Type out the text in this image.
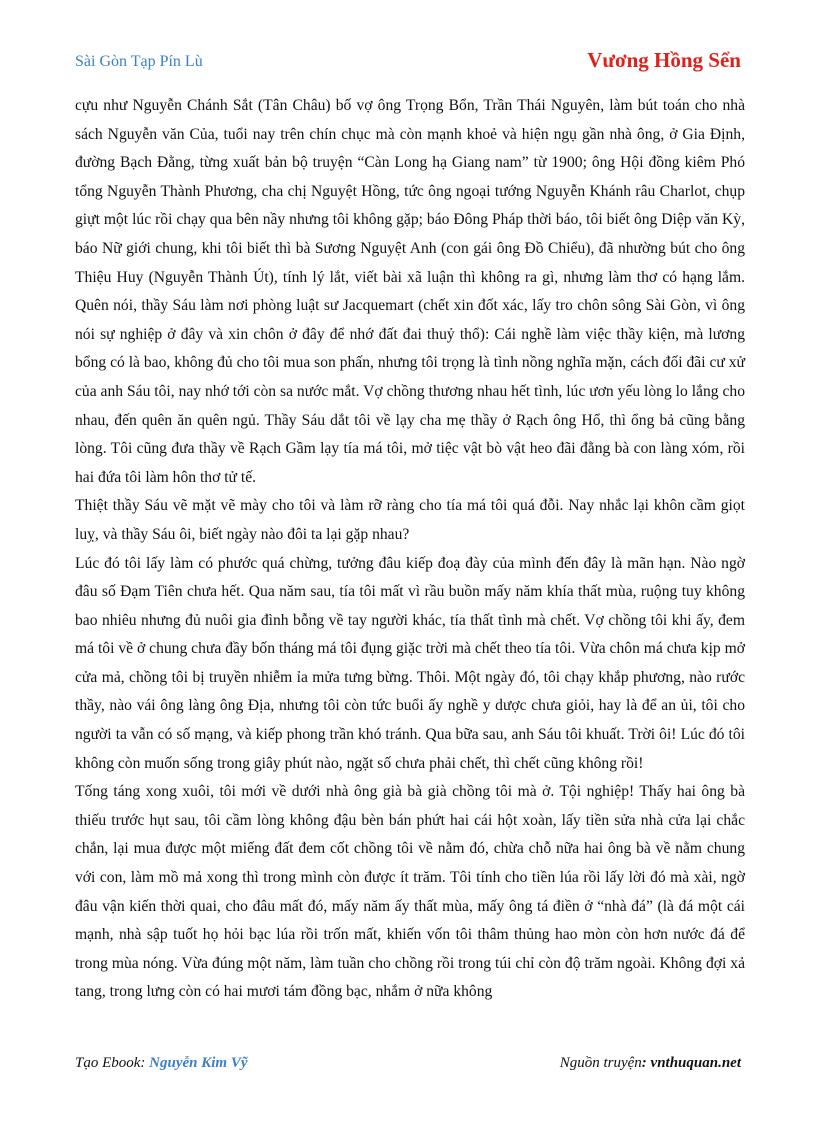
Sài Gòn Tạp Pín Lù	Vương Hồng Sển

cựu như Nguyễn Chánh Sắt (Tân Châu) bố vợ ông Trọng Bổn, Trần Thái Nguyên, làm bút toán cho nhà sách Nguyễn văn Của, tuổi nay trên chín chục mà còn mạnh khoẻ và hiện ngụ gần nhà ông, ở Gia Định, đường Bạch Đằng, từng xuất bản bộ truyện “Càn Long hạ Giang nam” từ 1900; ông Hội đồng kiêm Phó tổng Nguyễn Thành Phương, cha chị Nguyệt Hồng, tức ông ngoại tướng Nguyễn Khánh râu Charlot, chụp giựt một lúc rồi chạy qua bên nầy nhưng tôi không gặp; báo Đông Pháp thời báo, tôi biết ông Diệp văn Kỳ, báo Nữ giới chung, khi tôi biết thì bà Sương Nguyệt Anh (con gái ông Đồ Chiểu), đã nhường bút cho ông Thiệu Huy (Nguyễn Thành Út), tính lý lắt, viết bài xã luận thì không ra gì, nhưng làm thơ có hạng lắm. Quên nói, thầy Sáu làm nơi phòng luật sư Jacquemart (chết xin đốt xác, lấy tro chôn sông Sài Gòn, vì ông nói sự nghiệp ở đây và xin chôn ở đây để nhớ đất đai thuỷ thổ): Cái nghề làm việc thầy kiện, mà lương bổng có là bao, không đủ cho tôi mua son phấn, nhưng tôi trọng là tình nồng nghĩa mặn, cách đối đãi cư xử của anh Sáu tôi, nay nhớ tới còn sa nước mắt. Vợ chồng thương nhau hết tình, lúc ươn yếu lòng lo lắng cho nhau, đến quên ăn quên ngủ. Thầy Sáu dắt tôi về lạy cha mẹ thầy ở Rạch ông Hổ, thì ổng bả cũng bằng lòng. Tôi cũng đưa thầy về Rạch Gầm lạy tía má tôi, mở tiệc vật bò vật heo đãi đằng bà con làng xóm, rồi hai đứa tôi làm hôn thơ tử tế.

Thiệt thầy Sáu vẽ mặt vẽ mày cho tôi và làm rỡ ràng cho tía má tôi quá đỗi. Nay nhắc lại khôn cầm giọt luỵ, và thầy Sáu ôi, biết ngày nào đôi ta lại gặp nhau?

Lúc đó tôi lấy làm có phước quá chừng, tưởng đâu kiếp đoạ đày của mình đến đây là mãn hạn. Nào ngờ đâu số Đạm Tiên chưa hết. Qua năm sau, tía tôi mất vì rầu buồn mấy năm khía thất mùa, ruộng tuy không bao nhiêu nhưng đủ nuôi gia đình bỗng về tay người khác, tía thất tình mà chết. Vợ chồng tôi khi ấy, đem má tôi về ở chung chưa đầy bốn tháng má tôi đụng giặc trời mà chết theo tía tôi. Vừa chôn má chưa kịp mở cửa mả, chồng tôi bị truyền nhiễm ỉa mửa tưng bừng. Thôi. Một ngày đó, tôi chạy khắp phương, nào rước thầy, nào vái ông làng ông Địa, nhưng tôi còn tức buổi ấy nghề y dược chưa giỏi, hay là để an ủi, tôi cho người ta vẫn có số mạng, và kiếp phong trần khó tránh. Qua bữa sau, anh Sáu tôi khuất. Trời ôi! Lúc đó tôi không còn muốn sống trong giây phút nào, ngặt số chưa phải chết, thì chết cũng không rồi!

Tống táng xong xuôi, tôi mới về dưới nhà ông già bà già chồng tôi mà ở. Tội nghiệp! Thấy hai ông bà thiếu trước hụt sau, tôi cầm lòng không đậu bèn bán phứt hai cái hột xoàn, lấy tiền sửa nhà cửa lại chắc chắn, lại mua được một miếng đất đem cốt chồng tôi về nằm đó, chừa chỗ nữa hai ông bà về nằm chung với con, làm mồ mả xong thì trong mình còn được ít trăm. Tôi tính cho tiền lúa rồi lấy lời đó mà xài, ngờ đâu vận kiến thời quai, cho đâu mất đó, mấy năm ấy thất mùa, mấy ông tá điền ở “nhà đá” (là đá một cái mạnh, nhà sập tuốt họ hỏi bạc lúa rồi trốn mất, khiến vốn tôi thâm thủng hao mòn còn hơn nước đá để trong mùa nóng. Vừa đúng một năm, làm tuần cho chồng rồi trong túi chỉ còn độ trăm ngoài. Không đợi xả tang, trong lưng còn có hai mươi tám đồng bạc, nhắm ở nữa không

Tạo Ebook: Nguyễn Kim Vỹ	Nguồn truyện: vnthuquan.net
